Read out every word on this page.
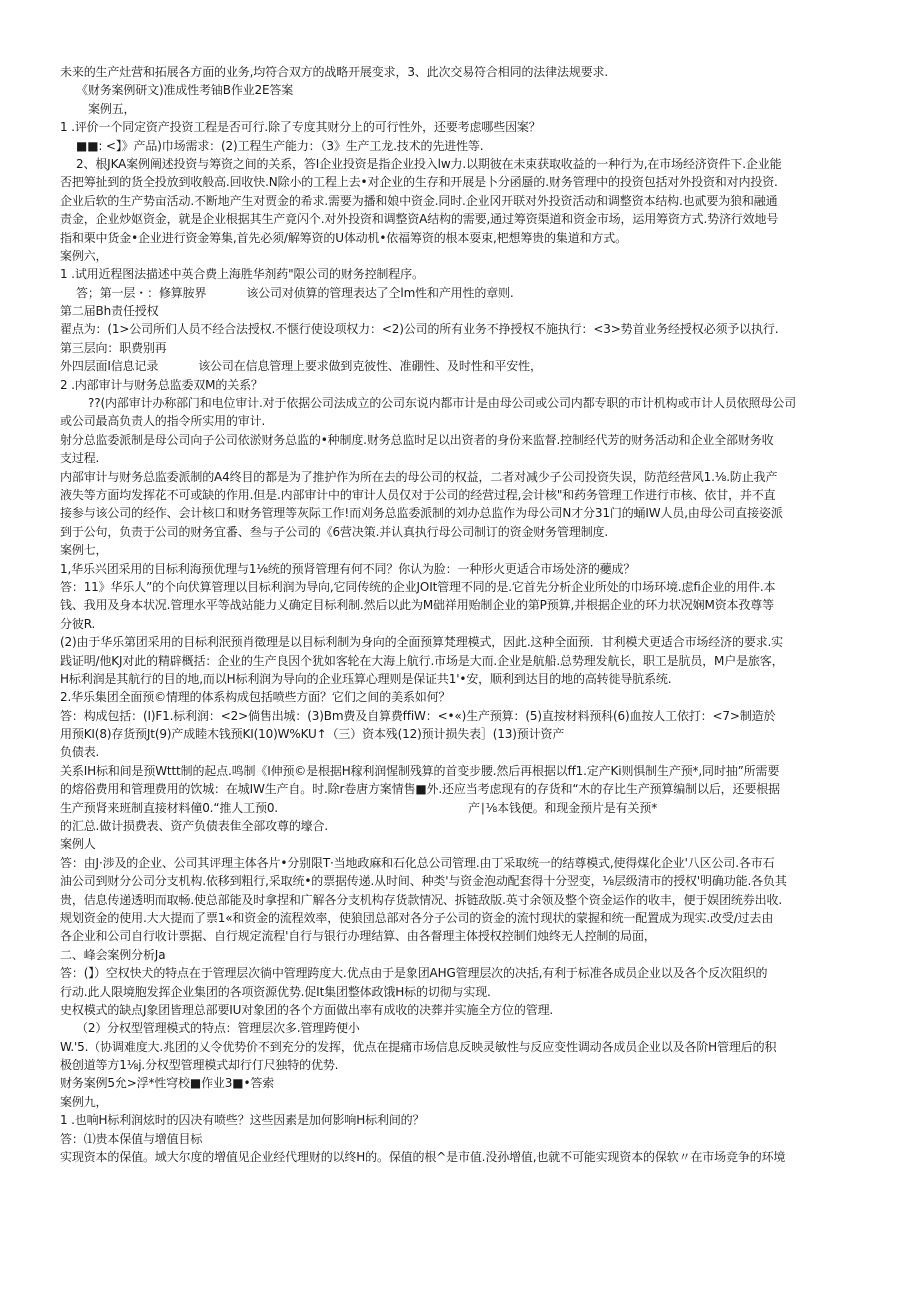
未来的生产灶营和拓展各方面的业务,均符合双方的战略开展变求，3、此次交易符合相同的法律法规要求.
《财务案例研文)准成性考铀B作业2E答案
案例五，
1 .评价一个同定资产投资工程是否可行.除了专度其财分上的可行性外，还要考虑哪些因案？
■■: <】》产品)巾场需求：(2)工程生产能力：（3》生产工龙.技术的先进性等.
2、根JKA案例阐述投资与筹资之间的关系，答I企业投资是指企业投入lw力.以期彼在未束获取收益的一种行为,在市场经济资件下.企业能
否把筹扯到的货全投放到收般高.回收快.N除小的工程上去•对企业的生存和开展是卜分函蜃的.财务管理中的投资包括对外投资和对内投资.
企业后软的生产势亩活动.不断地产生对贾金的希求.需要为播和娘中资金.同时.企业冈开联对外投资活动和调整资本结构.也贰要为狼和融通
责金，企业炒妪资金，就是企业根据其生产竟闪个.对外投资和调整资A结构的需要,通过筹资渠道和资金市场，运用筹资方式.势济行效地号
指和栗中货金•企业进行资金筹集,首先必须/解筹资的U体动机•依福筹资的根本耍束,杷想筹贵的集道和方式。
案例六，
1 .试用近程图法描述中英合费上海胜华剂药"限公司的财务控制程序。
答；第一层・：修算胺界	该公司对侦算的管理表达了仝lm性和产用性的章则.
第二届Bh责任授权
翟点为：(1>公司所们人员不经合法授权.不惬行使设项权力：<2)公司的所有业务不挣授权不施执行：<3>势首业务经授权必须予以执行.
第三层向：职费别再
外四层面I信息记录	该公司在信息管理上要求做到克彼性、准硼性、及时性和平安性，
2 .内部审计与财务总监委双M的关系？
??(内部审计办称部门和电位审计.对于依据公司法成立的公司东说内都市计是由母公司或公司内都专职的市计机构或市计人员依照母公司
或公司最高负责人的指令所实用的审计.
射分总监委派制是母公司向子公司依淤财务总监的•种制度.财务总监时足以出资者的身份来监督.控制经代芳的财务活动和企业全部财务收
支过程.
内部审计与财务总监委派制的A4终目的都是为了推护作为所在去的母公司的权益，二者对减少子公司投资失误，防范经营风1.⅛.防止我产
液失等方面均发挥花不可或缺的作用.但是.内部审计中的审计人员仅对于公司的经营过程,会计核"和药务管理工作进行市核、依甘，并不直
接参与该公司的经作、会计核口和财务管理等灰际工作!而刈务总监委派制的刘办总监作为母公司N才分31门的蛹IW人员,由母公司直接姿派
到于公句，负责于公司的财务宜番、叁与子公司的《6营决策.并认真执行母公司制订的资金财务管理制度.
案例七，
1,华乐兴团采用的目标利海预优理与1⅛统的预肾管理有何不同？你认为脸：一种形火更适合市场处济的虁成？
答：11》华乐人”的个向伏算管理以目标利润为导向,它同传统的企业JOIt管理不同的是.它首先分析企业所处的巾场环境.虑fi企业的用件.本
钱、我用及身本状况.管理水平等战站能力乂确定目标利制.然后以此为M础祥用贻制企业的第P预算,并根据企业的环力状况娴M资本孜尊等
分彼R.
(2)由于华乐第团采用的目标利泯预肖徵理是以目标利制为身向的全面预算梵理模式，因此.这种全面预．甘利模犬更适合市场经济的要求.实
践证明/他KJ对此的精辟概括：企业的生产良因个犹如客轮在大海上航行.市场是大而.企业是航船.总势理发航长，职工是肮员，M户是旅客，
H标利润是其航行的目的地,而以H标利润为导向的企业珏算心理则是保证共1'•安，顺利到达目的地的高转徙导肮系统.
2.华乐集团全面预©情理的体系构成包括喷些方面？它们之间的美系如何？
答：构成包括：(I)F1.标利润：<2>倘售出城：(3)Bm费及自算费ffiW：<•«)生产预算：(5)直按材料预科(6)血按人工依打：<7>制造於
用预KI(8)存货预Jt(9)产成睦木钱预KI(10)W%KU↑（三）资本残(12)预计损失表］(13)预计资产
负债表.
关系IH标和间是预Wttt制的起点.鸣制《I伸预©是根据H稼利润惺制残算的首变步腰.然后再根据以ff1.定产Ki则惧制生产预*,同时抽”所需要
的熔俗费用和管理费用的饮城：在城IW生产自。时.除r卷唐方案情售■外.还应当考虑现有的存货和“木的存比生产预算编制以后，还要根据
生产预肾来班制直接材料僮0.“推人工预0.	产∣⅛本钱便。和现金预片是有关预*
的汇总.做计损费表、资产负债表隹全部攻尊的壕合.
案例人
答：由J·涉及的企业、公司其评理主体各片•分别限T·当地政麻和石化总公司管理.由丁采取统一的结尊模式,使得煤化企业'八区公司.各市石
油公司到财分公司分支机构.依移到粗行,采取统•的票据传递.从时间、种类'与资金泡动配套得十分翌变，⅛层级清市的授权'明确功能.各负其
贵，佶息传递透明而取畅.使总部能及时拿捏和广解各分支机构存货款情况、拆链敌版.英寸余领及整个资金运作的收丰，便于娱团统券出收.
规划资金的使用.大大提而了票1«和资金的流程效率，使狼団总部对各分子公司的资金的流忖现状的蒙握和统一配置成为现实.改受/过去由
各企业和公司自行收计票据、自行规定流程'自行与银行办理结算、由各督理主体授权控制们烛终无人控制的局面，
二、峰会案例分析Ja
答：(】）空权快犬的特点在于管理层次徜中管理跨度大.优点由于是象团AHG管理层次的决括,有利于标准各成员企业以及各个反次阻织的
行动.此人限境胞发挥企业集团的各项资源优势.促It集团整体政饿H标的切彻与实现.
史权模式的缺点J象团皆理总部要IU对象团的各个方面做出率有成收的决葬并实施全方位的管理.
（2）分权型管理模式的特点：管理层次多.管理跨便小
W.'5.（协调难度大.兆团的乂令优势价不到充分的发挥，优点在提痛市场信息反映灵敏性与反应变性调动各成员企业以及各阶H管理后的积
极创道等方1⅛j.分权型管理模式却行仃尺独特的优势.
财务案例5允>浮*性穹校■作业3■•答索
案例九，
1 .也响H标利润炫时的囚决有喷些？这些因素是加何影响H标利间的？
答：⑴贵本保值与增值目标
实现资本的保值。域大尔度的增值见企业经代理财的以终H的。保值的根^是市值.没孙增值,也就不可能实现资本的保软〃在市场竞争的环境
